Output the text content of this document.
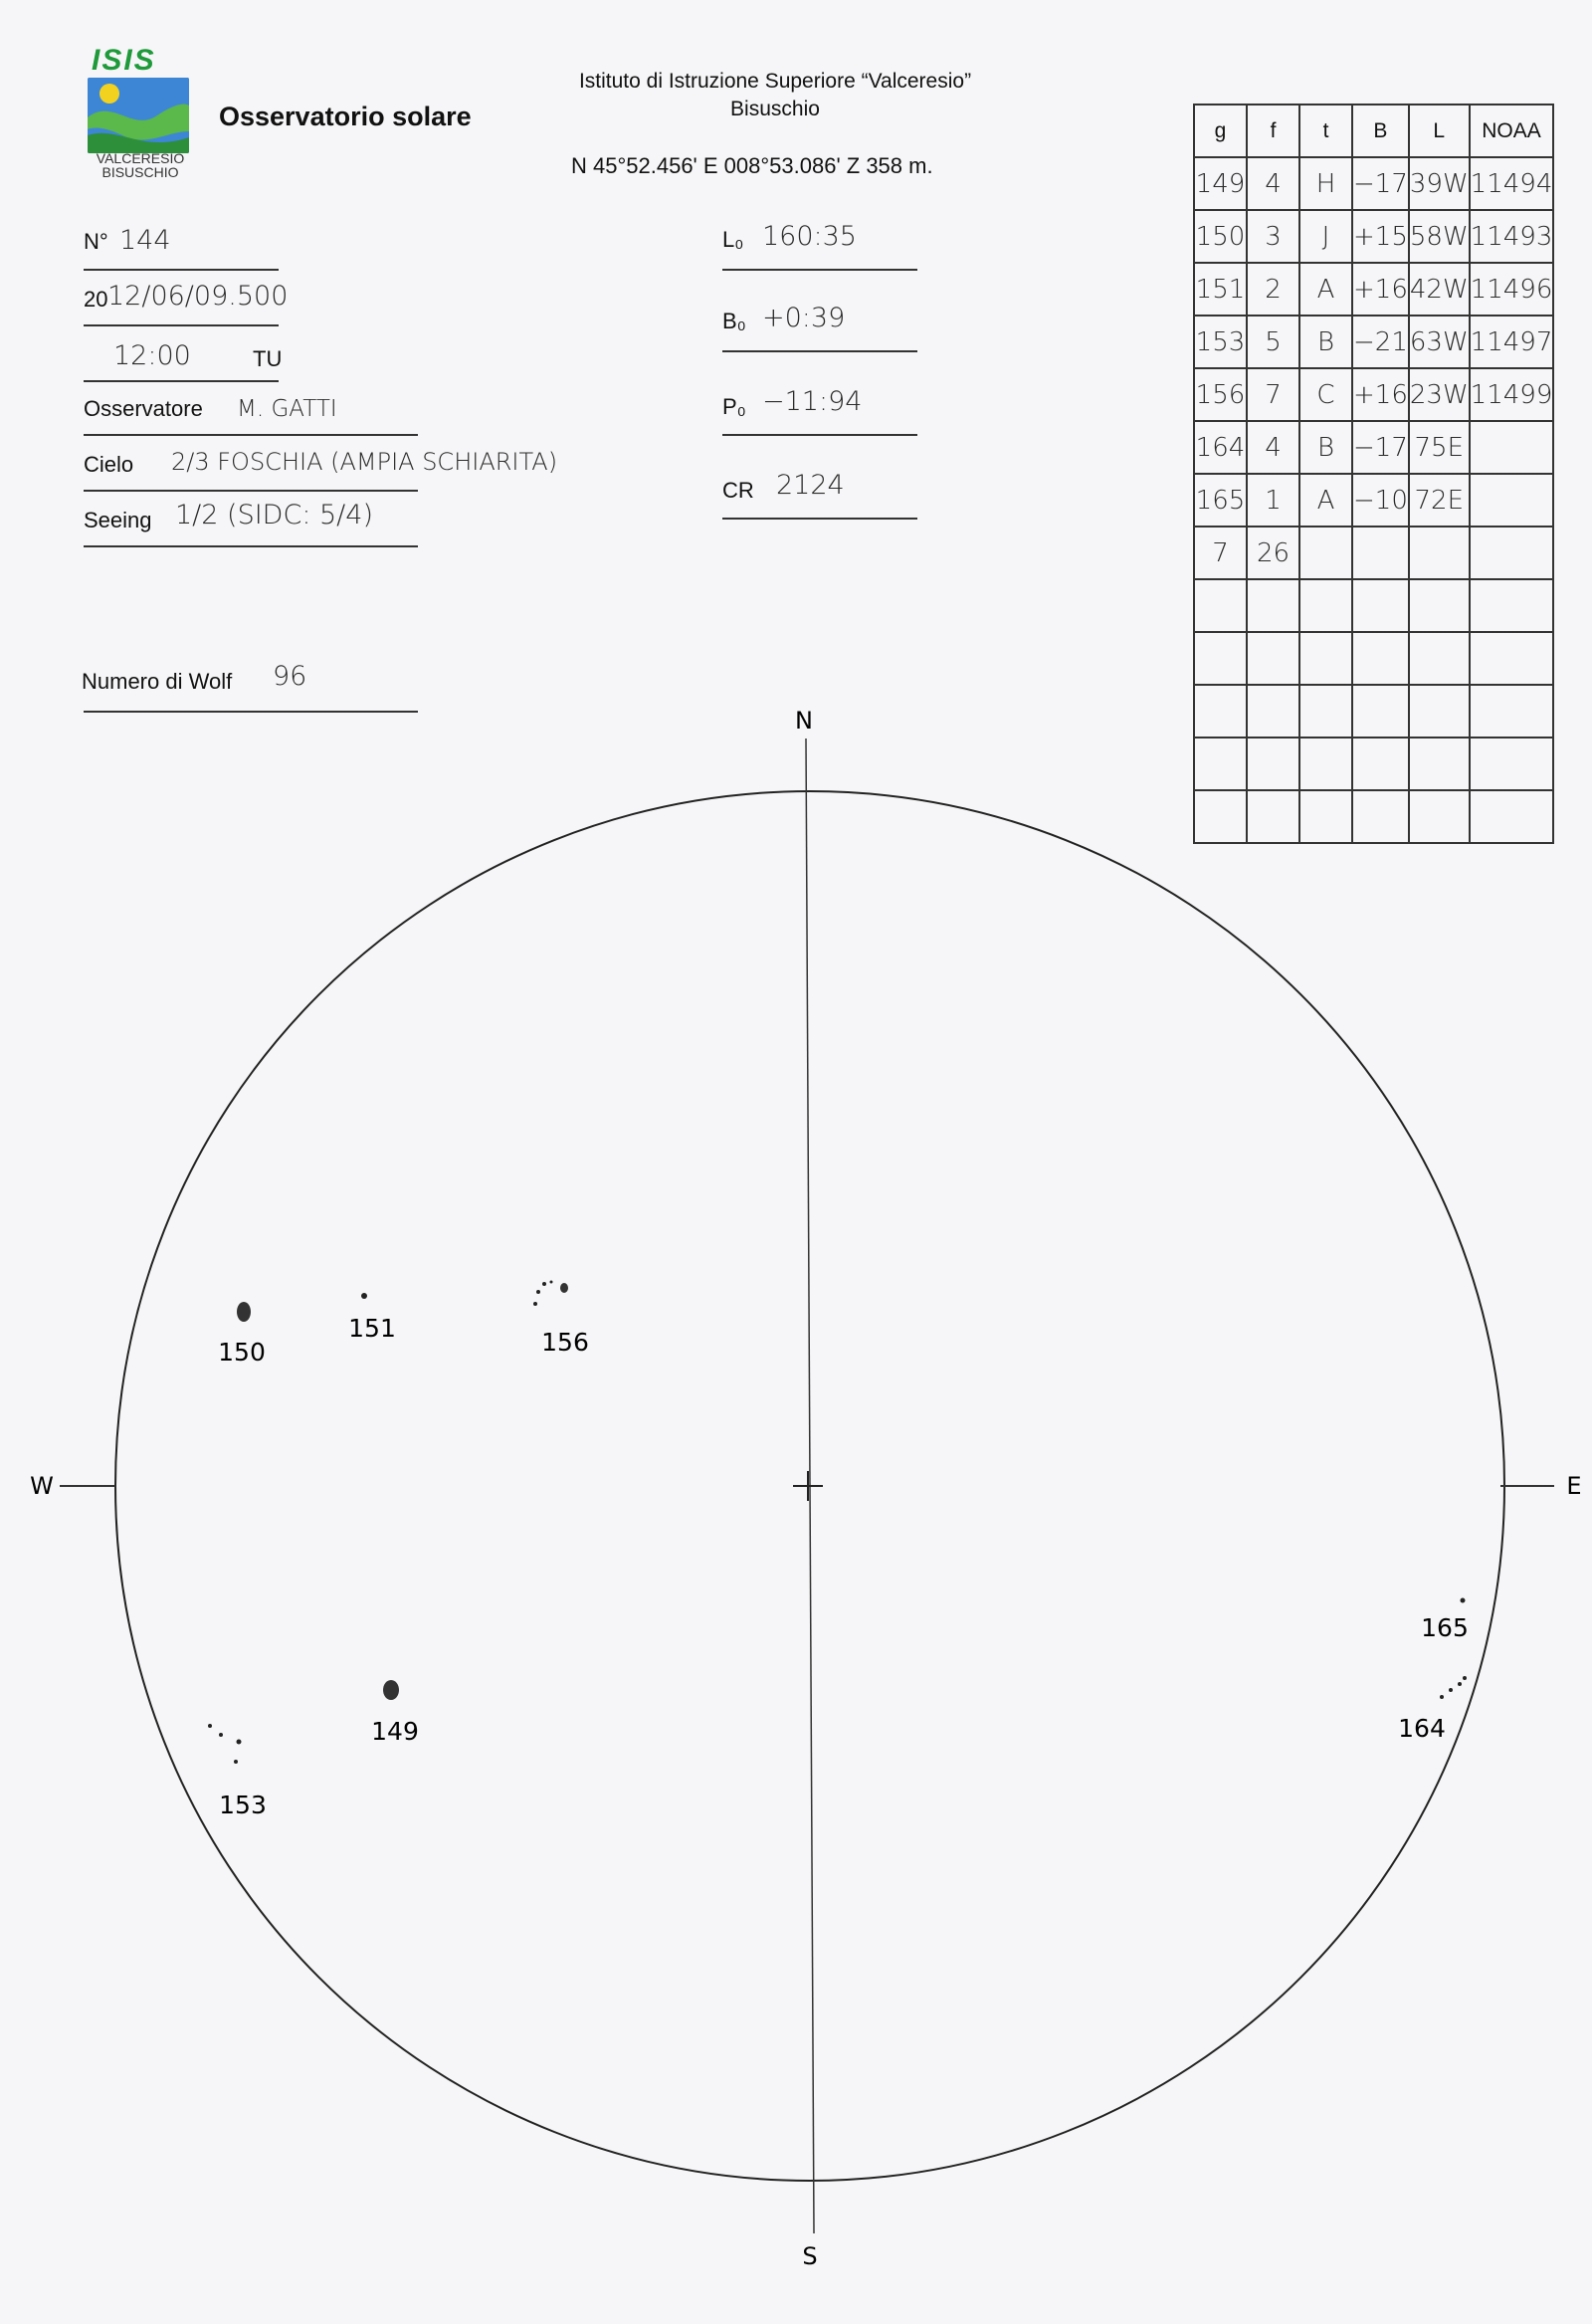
ISIS
VALCERESIO
BISUSCHIO
Osservatorio solare
Istituto di Istruzione Superiore “Valceresio”
Bisuschio
N 45°52.456' E 008°53.086' Z 358 m.
N° 144
20 12/06/09.500
12:00	TU
Osservatore M. GATTI
Cielo 2/3 FOSCHIA (AMPIA SCHIARITA)
Seeing 1/2 (SIDC: 5/4)
Numero di Wolf 96
L₀ 160:35
B₀ +0:39
P₀ −11:94
CR 2124
g	f	t	B	L	NOAA
149	4	H	−17	39W	11494
150	3	J	+15	58W	11493
151	2	A	+16	42W	11496
153	5	B	−21	63W	11497
156	7	C	+16	23W	11499
164	4	B	−17	75E	
165	1	A	−10	72E	
7	26				

N
S
W	E
150
151	156
149
153
165
164
